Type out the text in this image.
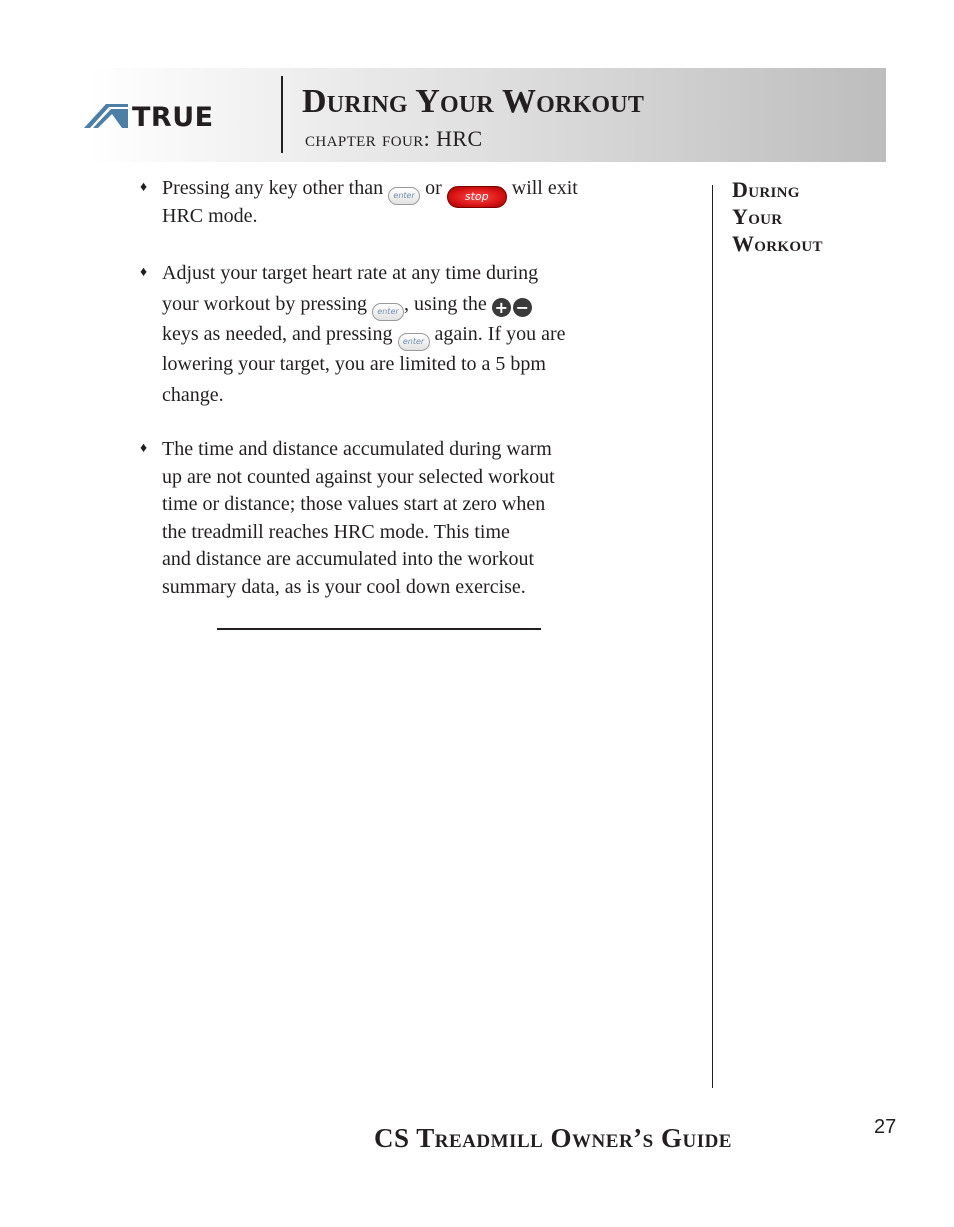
TRUE	During Your Workout
chapter four: HRC
♦ Pressing any key other than enter or stop will exit
HRC mode.
♦ Adjust your target heart rate at any time during
your workout by pressing enter , using the + −
keys as needed, and pressing enter again. If you are
lowering your target, you are limited to a 5 bpm
change.
♦ The time and distance accumulated during warm
up are not counted against your selected workout
time or distance; those values start at zero when
the treadmill reaches HRC mode. This time
and distance are accumulated into the workout
summary data, as is your cool down exercise.
During
Your
Workout
CS Treadmill Owner’s Guide	27
